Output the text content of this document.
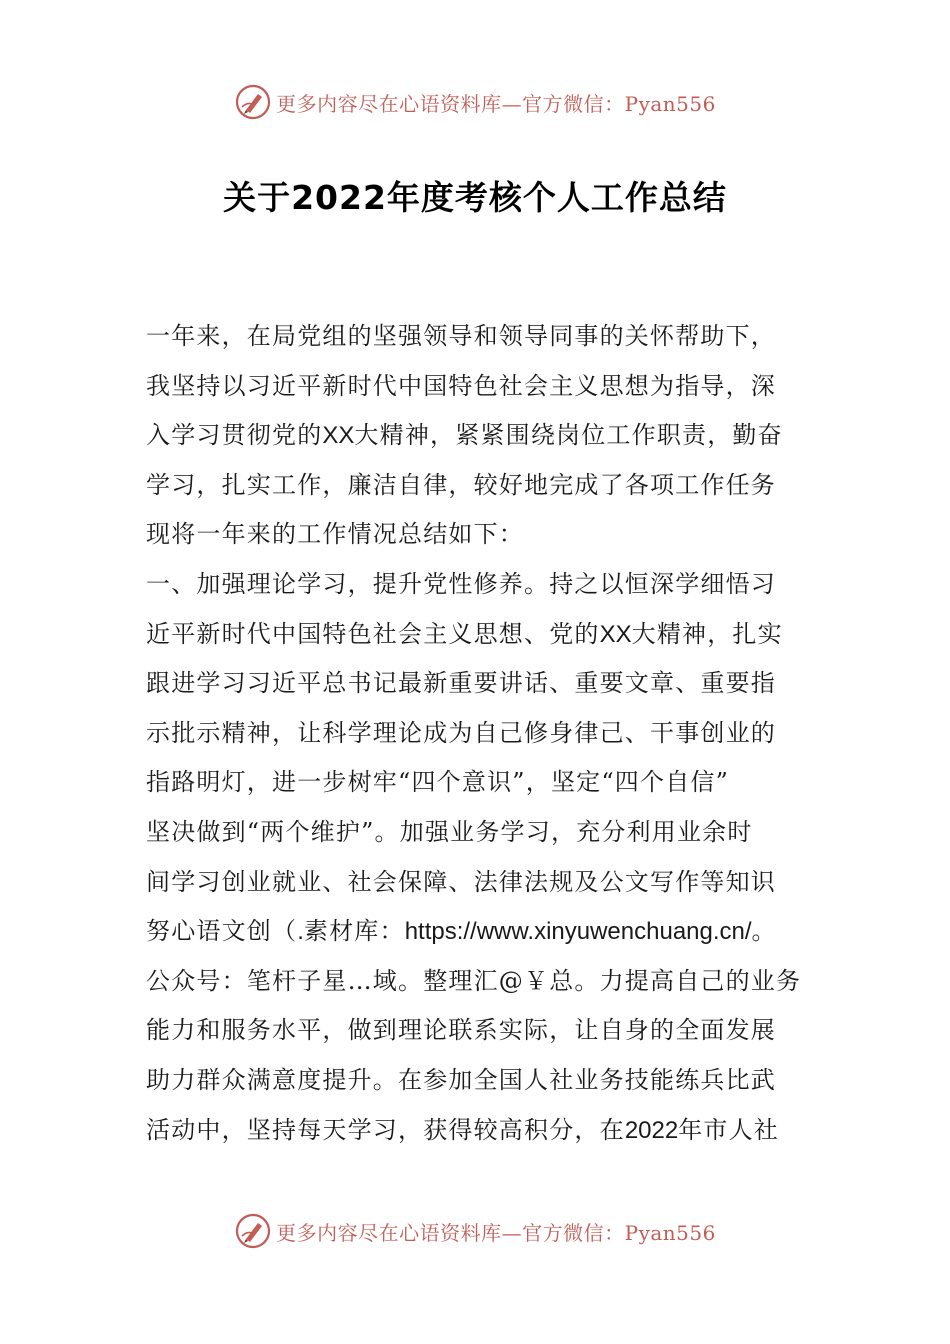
更多内容尽在心语资料库—官方微信：Pyan556
关于2022年度考核个人工作总结
一年来，在局党组的坚强领导和领导同事的关怀帮助下，
我坚持以习近平新时代中国特色社会主义思想为指导，深
入学习贯彻党的XX大精神，紧紧围绕岗位工作职责，勤奋
学习，扎实工作，廉洁自律，较好地完成了各项工作任务
现将一年来的工作情况总结如下：
一、加强理论学习，提升党性修养。持之以恒深学细悟习
近平新时代中国特色社会主义思想、党的XX大精神，扎实
跟进学习习近平总书记最新重要讲话、重要文章、重要指
示批示精神，让科学理论成为自己修身律己、干事创业的
指路明灯，进一步树牢“四个意识”，坚定“四个自信”
坚决做到“两个维护”。加强业务学习，充分利用业余时
间学习创业就业、社会保障、法律法规及公文写作等知识
努心语文创（.素材库：https://www.xinyuwenchuang.cn/。
公众号：笔杆子星…域。整理汇@￥总。力提高自己的业务
能力和服务水平，做到理论联系实际，让自身的全面发展
助力群众满意度提升。在参加全国人社业务技能练兵比武
活动中，坚持每天学习，获得较高积分，在2022年市人社
更多内容尽在心语资料库—官方微信：Pyan556
